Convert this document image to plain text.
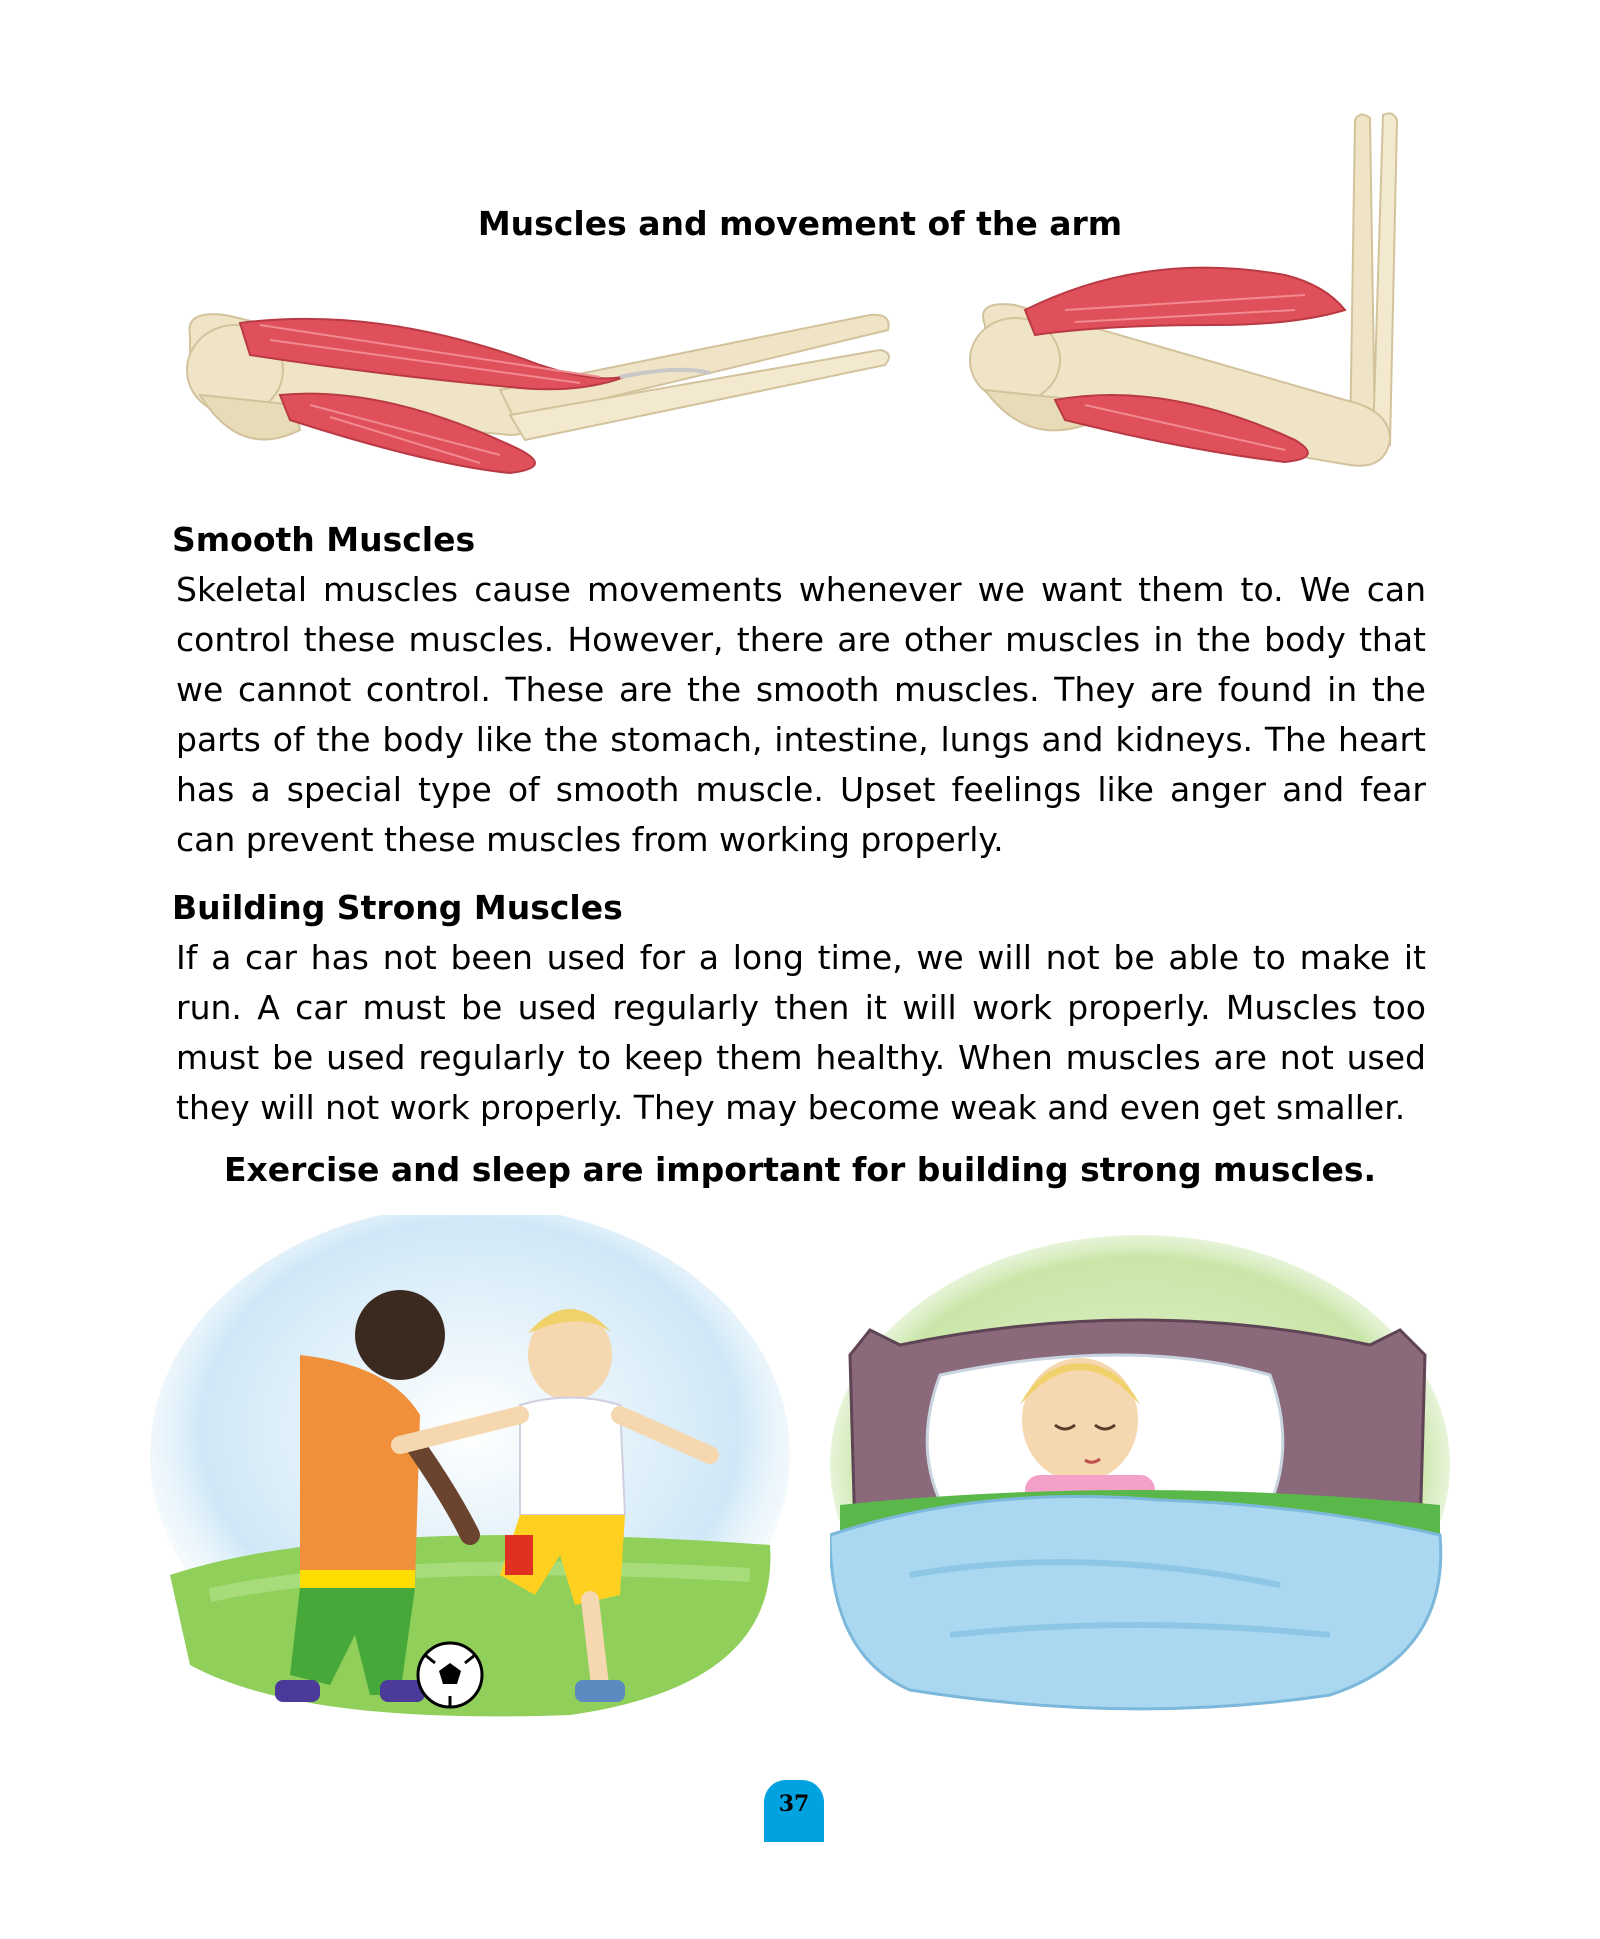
Muscles and movement of the arm
Smooth Muscles

Skeletal muscles cause movements whenever we want them to. We can control these muscles. However, there are other muscles in the body that we cannot control. These are the smooth muscles. They are found in the parts of the body like the stomach, intestine, lungs and kidneys. The heart has a special type of smooth muscle. Upset feelings like anger and fear can prevent these muscles from working properly.

Building Strong Muscles

If a car has not been used for a long time, we will not be able to make it run. A car must be used regularly then it will work properly. Muscles too must be used regularly to keep them healthy. When muscles are not used they will not work properly. They may become weak and even get smaller.

Exercise and sleep are important for building strong muscles.
37
